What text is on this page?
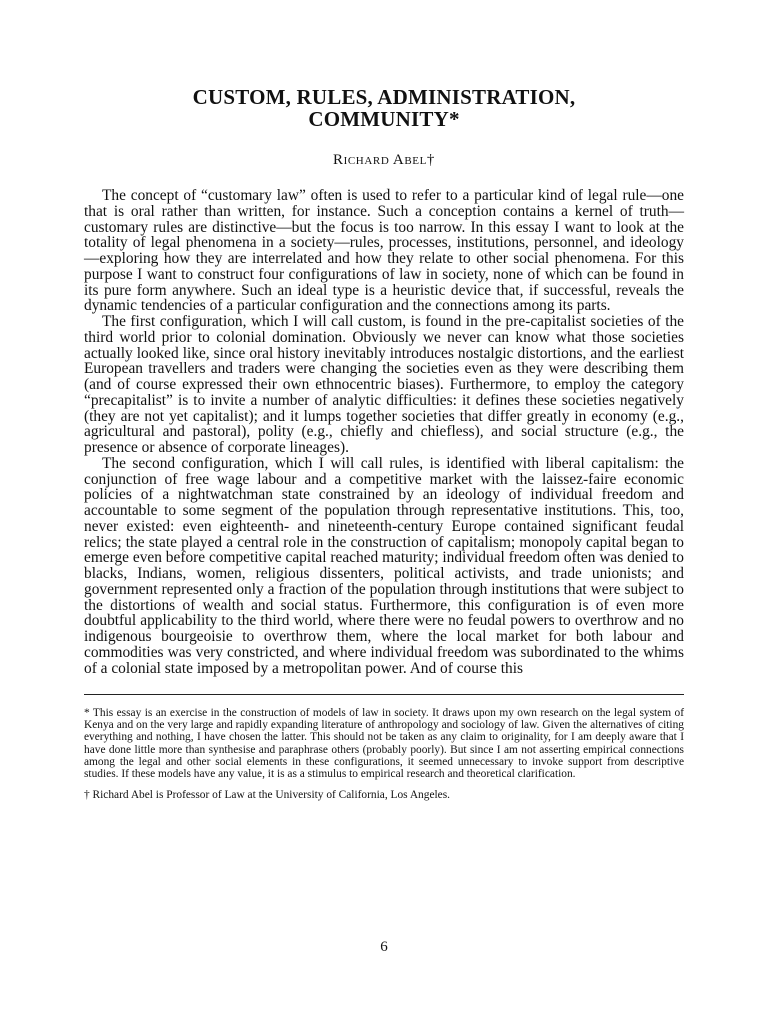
CUSTOM, RULES, ADMINISTRATION,
COMMUNITY*
Richard Abel†

The concept of “customary law” often is used to refer to a particular kind of legal rule—one that is oral rather than written, for instance. Such a conception contains a kernel of truth—customary rules are distinctive—but the focus is too narrow. In this essay I want to look at the totality of legal phenomena in a society—rules, processes, institutions, personnel, and ideology—exploring how they are interrelated and how they relate to other social phenomena. For this purpose I want to construct four configurations of law in society, none of which can be found in its pure form anywhere. Such an ideal type is a heuristic device that, if successful, reveals the dynamic tendencies of a particular configuration and the connections among its parts.

The first configuration, which I will call custom, is found in the pre-capitalist societies of the third world prior to colonial domination. Obviously we never can know what those societies actually looked like, since oral history inevitably introduces nostalgic distortions, and the earliest European travellers and traders were changing the societies even as they were describing them (and of course expressed their own ethnocentric biases). Furthermore, to employ the category “precapitalist” is to invite a number of analytic difficulties: it defines these societies negatively (they are not yet capitalist); and it lumps together societies that differ greatly in economy (e.g., agricultural and pastoral), polity (e.g., chiefly and chiefless), and social structure (e.g., the presence or absence of corporate lineages).

The second configuration, which I will call rules, is identified with liberal capitalism: the conjunction of free wage labour and a competitive market with the laissez-faire economic policies of a nightwatchman state constrained by an ideology of individual freedom and accountable to some segment of the population through representative institutions. This, too, never existed: even eighteenth- and nineteenth-century Europe contained significant feudal relics; the state played a central role in the construction of capitalism; monopoly capital began to emerge even before competitive capital reached maturity; individual freedom often was denied to blacks, Indians, women, religious dissenters, political activists, and trade unionists; and government represented only a fraction of the population through institutions that were subject to the distortions of wealth and social status. Furthermore, this configuration is of even more doubtful applicability to the third world, where there were no feudal powers to overthrow and no indigenous bourgeoisie to overthrow them, where the local market for both labour and commodities was very constricted, and where individual freedom was subordinated to the whims of a colonial state imposed by a metropolitan power. And of course this

* This essay is an exercise in the construction of models of law in society. It draws upon my own research on the legal system of Kenya and on the very large and rapidly expanding literature of anthropology and sociology of law. Given the alternatives of citing everything and nothing, I have chosen the latter. This should not be taken as any claim to originality, for I am deeply aware that I have done little more than synthesise and paraphrase others (probably poorly). But since I am not asserting empirical connections among the legal and other social elements in these configurations, it seemed unnecessary to invoke support from descriptive studies. If these models have any value, it is as a stimulus to empirical research and theoretical clarification.

† Richard Abel is Professor of Law at the University of California, Los Angeles.

6
